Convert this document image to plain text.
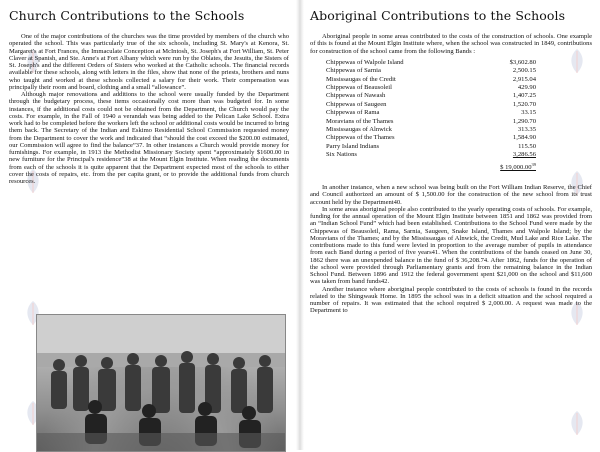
Church Contributions to the Schools

One of the major contributions of the churches was the time provided by members of the church who operated the school. This was particularly true of the six schools, including St. Mary's at Kenora, St. Margaret's at Fort Frances, the Immaculate Conception at McIntosh, St. Joseph's at Fort William, St. Peter Claver at Spanish, and Ste. Anne's at Fort Albany which were run by the Oblates, the Jesuits, the Sisters of St. Joseph's and the different Orders of Sisters who worked at the Catholic schools. The financial records available for these schools, along with letters in the files, show that none of the priests, brothers and nuns who taught and worked at these schools collected a salary for their work. Their compensation was principally their room and board, clothing and a small “allowance”.

Although major renovations and additions to the school were usually funded by the Department through the budgetary process, these items occasionally cost more than was budgeted for. In some instances, if the additional costs could not be obtained from the Department, the Church would pay the costs. For example, in the Fall of 1940 a verandah was being added to the Pelican Lake School. Extra work had to be completed before the workers left the school or additional costs would be incurred to bring them back. The Secretary of the Indian and Eskimo Residential School Commission requested money from the Department to cover the work and indicated that “should the cost exceed the $200.00 estimated, our Commission will agree to find the balance”37. In other instances a Church would provide money for furnishings. For example, in 1913 the Methodist Missionary Society spent “approximately $1600.00 in new furniture for the Principal's residence”38 at the Mount Elgin Institute. When reading the documents from each of the schools it is quite apparent that the Department expected most of the schools to either cover the costs of repairs, etc. from the per capita grant, or to provide the additional funds from church resources.

Aboriginal Contributions to the Schools

Aboriginal people in some areas contributed to the costs of the construction of schools. One example of this is found at the Mount Elgin Institute where, when the school was constructed in 1849, contributions for construction of the school came from the following Bands :

Chippewas of Walpole Island	$3,602.80
Chippewas of Sarnia	2,500.15
Mississaugas of the Credit	2,915.04
Chippewas of Beausoleil	429.90
Chippewas of Nawash	1,407.25
Chippewas of Saugeen	1,520.70
Chippewas of Rama	33.15
Moravians of the Thames	1,290.70
Mississaugas of Alnwick	313.35
Chippewas of the Thames	1,584.90
Parry Island Indians	115.50
Six Nations	3,286.56
	$ 19,000.00$^{39}$

In another instance, when a new school was being built on the Fort William Indian Reserve, the Chief and Council authorized an amount of $ 1,500.00 for the construction of the new school from its trust account held by the Department40.

In some areas aboriginal people also contributed to the yearly operating costs of schools. For example, funding for the annual operation of the Mount Elgin Institute between 1851 and 1862 was provided from an “Indian School Fund” which had been established. Contributions to the School Fund were made by the Chippewas of Beausoleil, Rama, Sarnia, Saugeen, Snake Island, Thames and Walpole Island; by the Moravians of the Thames; and by the Mississaugas of Alnwick, the Credit, Mud Lake and Rice Lake. The contributions made to this fund were levied in proportion to the average number of pupils in attendance from each Band during a period of five years41. When the contributions of the bands ceased on June 30, 1862 there was an unexpended balance in the fund of $ 36,208.74. After 1862, funds for the operation of the school were provided through Parliamentary grants and from the remaining balance in the Indian School Fund. Between 1896 and 1912 the federal government spent $21,000 on the school and $11,600 was taken from band funds42.

Another instance where aboriginal people contributed to the costs of schools is found in the records related to the Shingwauk Home. In 1895 the school was in a deficit situation and the school required a number of repairs. It was estimated that the school required $ 2,000.00. A request was made to the Department to
